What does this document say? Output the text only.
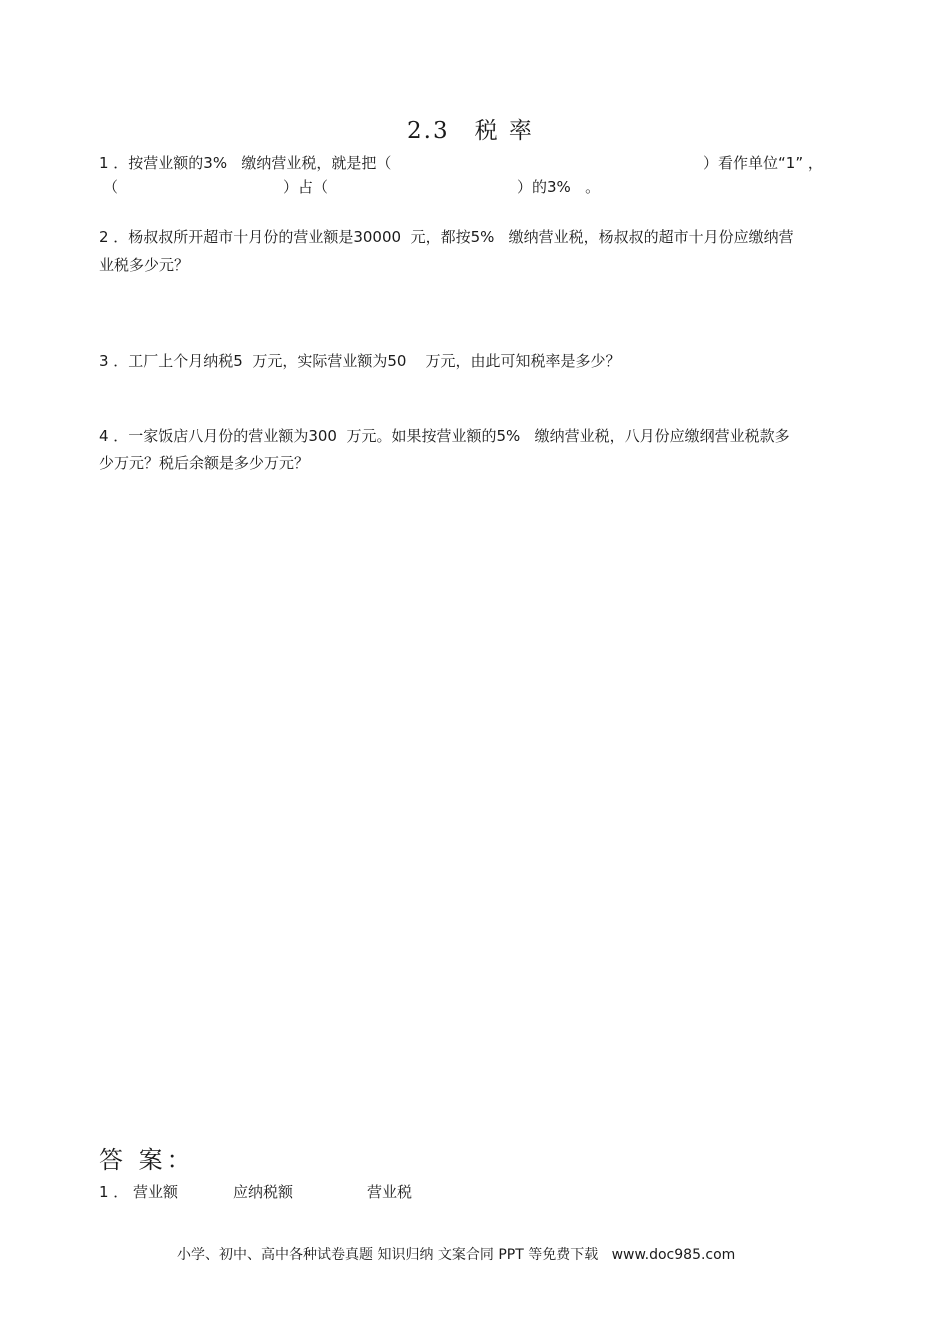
2.3　税 率
1 ．按营业额的3%   缴纳营业税，就是把（	）看作单位“1” ，
（	）占（	）的3%   。
2 ．杨叔叔所开超市十月份的营业额是30000  元，都按5%   缴纳营业税，杨叔叔的超市十月份应缴纳营
业税多少元？
3 ．工厂上个月纳税5  万元，实际营业额为50    万元，由此可知税率是多少？
4 ．一家饭店八月份的营业额为300  万元。如果按营业额的5%   缴纳营业税，八月份应缴纲营业税款多
少万元？税后余额是多少万元？
答 案：
1 ． 营业额	应纳税额	营业税
小学、初中、高中各种试卷真题 知识归纳 文案合同 PPT 等免费下载   www.doc985.com
